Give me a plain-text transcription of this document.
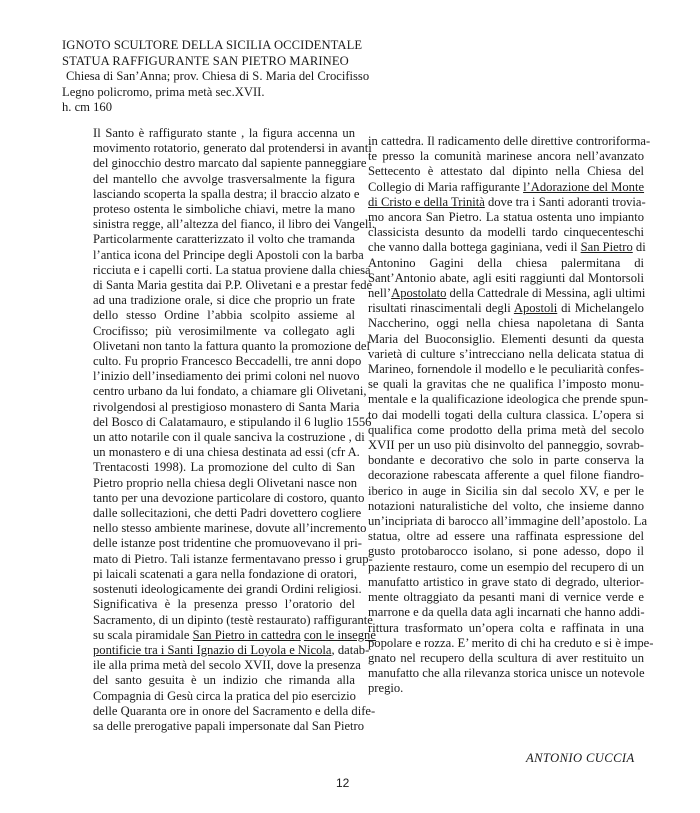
IGNOTO SCULTORE DELLA SICILIA OCCIDENTALE
STATUA RAFFIGURANTE SAN PIETRO MARINEO
Chiesa di San’Anna; prov. Chiesa di S. Maria del Crocifisso
Legno policromo, prima metà sec.XVII.
h. cm 160

Il Santo è raffigurato stante , la figura accenna un
movimento rotatorio, generato dal protendersi in avanti
del ginocchio destro marcato dal sapiente panneggiare
del mantello che avvolge trasversalmente la figura
lasciando scoperta la spalla destra; il braccio alzato e
proteso ostenta le simboliche chiavi, metre la mano
sinistra regge, all’altezza del fianco, il libro dei Vangeli.
Particolarmente caratterizzato il volto che tramanda
l’antica icona del Principe degli Apostoli con la barba
ricciuta e i capelli corti. La statua proviene dalla chiesa
di Santa Maria gestita dai P.P. Olivetani e a prestar fede
ad una tradizione orale, si dice che proprio un frate
dello stesso Ordine l’abbia scolpito assieme al
Crocifisso; più verosimilmente va collegato agli
Olivetani non tanto la fattura quanto la promozione del
culto. Fu proprio Francesco Beccadelli, tre anni dopo
l’inizio dell’insediamento dei primi coloni nel nuovo
centro urbano da lui fondato, a chiamare gli Olivetani,
rivolgendosi al prestigioso monastero di Santa Maria
del Bosco di Calatamauro, e stipulando il 6 luglio 1556
un atto notarile con il quale sanciva la costruzione , di
un monastero e di una chiesa destinata ad essi (cfr A.
Trentacosti 1998). La promozione del culto di San
Pietro proprio nella chiesa degli Olivetani nasce non
tanto per una devozione particolare di costoro, quanto
dalle sollecitazioni, che detti Padri dovettero cogliere
nello stesso ambiente marinese, dovute all’incremento
delle istanze post tridentine che promuovevano il pri-
mato di Pietro. Tali istanze fermentavano presso i grup-
pi laicali scatenati a gara nella fondazione di oratori,
sostenuti ideologicamente dei grandi Ordini religiosi.
Significativa è la presenza presso l’oratorio del
Sacramento, di un dipinto (testè restaurato) raffigurante
su scala piramidale San Pietro in cattedra con le insegne
pontificie tra i Santi Ignazio di Loyola e Nicola, datab-
ile alla prima metà del secolo XVII, dove la presenza
del santo gesuita è un indizio che rimanda alla
Compagnia di Gesù circa la pratica del pio esercizio
delle Quaranta ore in onore del Sacramento e della dife-
sa delle prerogative papali impersonate dal San Pietro

in cattedra. Il radicamento delle direttive controriforma-
te presso la comunità marinese ancora nell’avanzato
Settecento è attestato dal dipinto nella Chiesa del
Collegio di Maria raffigurante l’Adorazione del Monte
di Cristo e della Trinità dove tra i Santi adoranti trovia-
mo ancora San Pietro. La statua ostenta uno impianto
classicista desunto da modelli tardo cinquecenteschi
che vanno dalla bottega gaginiana, vedi il San Pietro di
Antonino Gagini della chiesa palermitana di
Sant’Antonio abate, agli esiti raggiunti dal Montorsoli
nell’Apostolato della Cattedrale di Messina, agli ultimi
risultati rinascimentali degli Apostoli di Michelangelo
Naccherino, oggi nella chiesa napoletana di Santa
Maria del Buoconsiglio. Elementi desunti da questa
varietà di culture s’intrecciano nella delicata statua di
Marineo, fornendole il modello e le peculiarità confes-
se quali la gravitas che ne qualifica l’imposto monu-
mentale e la qualificazione ideologica che prende spun-
to dai modelli togati della cultura classica. L’opera si
qualifica come prodotto della prima metà del secolo
XVII per un uso più disinvolto del panneggio, sovrab-
bondante e decorativo che solo in parte conserva la
decorazione rabescata afferente a quel filone fiandro-
iberico in auge in Sicilia sin dal secolo XV, e per le
notazioni naturalistiche del volto, che insieme danno
un’incipriata di barocco all’immagine dell’apostolo. La
statua, oltre ad essere una raffinata espressione del
gusto protobarocco isolano, si pone adesso, dopo il
paziente restauro, come un esempio del recupero di un
manufatto artistico in grave stato di degrado, ulterior-
mente oltraggiato da pesanti mani di vernice verde e
marrone e da quella data agli incarnati che hanno addi-
rittura trasformato un’opera colta e raffinata in una
popolare e rozza. E’ merito di chi ha creduto e si è impe-
gnato nel recupero della scultura di aver restituito un
manufatto che alla rilevanza storica unisce un notevole
pregio.

ANTONIO CUCCIA
12
